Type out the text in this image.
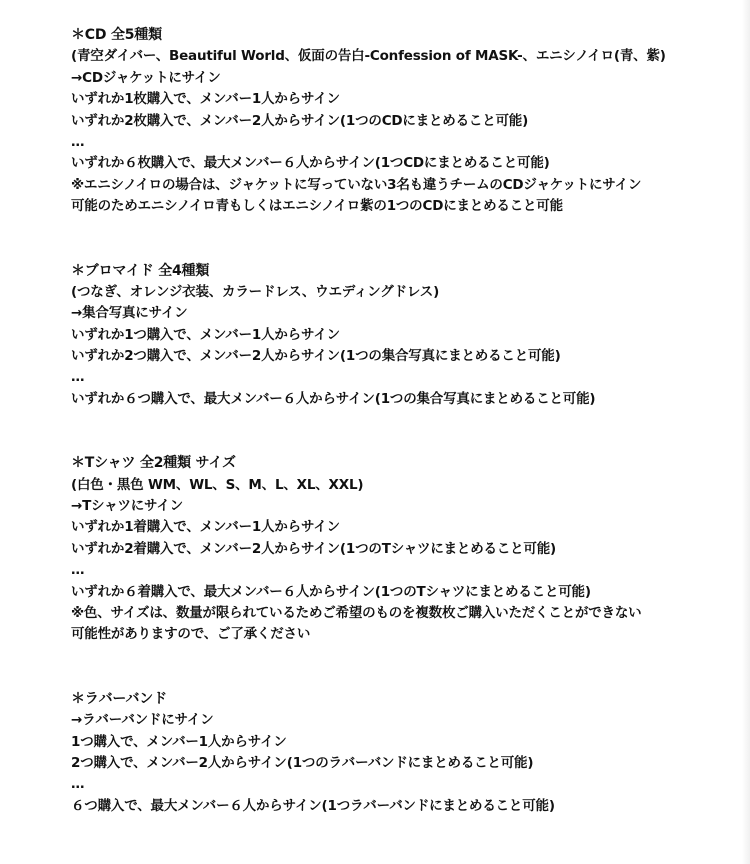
＊CD 全5種類
(青空ダイバー、Beautiful World、仮面の告白-Confession of MASK-、エニシノイロ(青、紫)
→CDジャケットにサイン
いずれか1枚購入で、メンバー1人からサイン
いずれか2枚購入で、メンバー2人からサイン(1つのCDにまとめること可能)
…
いずれか６枚購入で、最大メンバー６人からサイン(1つCDにまとめること可能)
※エニシノイロの場合は、ジャケットに写っていない3名も違うチームのCDジャケットにサイン
可能のためエニシノイロ青もしくはエニシノイロ紫の1つのCDにまとめること可能
＊ブロマイド 全4種類
(つなぎ、オレンジ衣装、カラードレス、ウエディングドレス)
→集合写真にサイン
いずれか1つ購入で、メンバー1人からサイン
いずれか2つ購入で、メンバー2人からサイン(1つの集合写真にまとめること可能)
…
いずれか６つ購入で、最大メンバー６人からサイン(1つの集合写真にまとめること可能)
＊Tシャツ 全2種類 サイズ
(白色・黒色 WM、WL、S、M、L、XL、XXL)
→Tシャツにサイン
いずれか1着購入で、メンバー1人からサイン
いずれか2着購入で、メンバー2人からサイン(1つのTシャツにまとめること可能)
…
いずれか６着購入で、最大メンバー６人からサイン(1つのTシャツにまとめること可能)
※色、サイズは、数量が限られているためご希望のものを複数枚ご購入いただくことができない
可能性がありますので、ご了承ください
＊ラバーバンド
→ラバーバンドにサイン
1つ購入で、メンバー1人からサイン
2つ購入で、メンバー2人からサイン(1つのラバーバンドにまとめること可能)
…
６つ購入で、最大メンバー６人からサイン(1つラバーバンドにまとめること可能)
